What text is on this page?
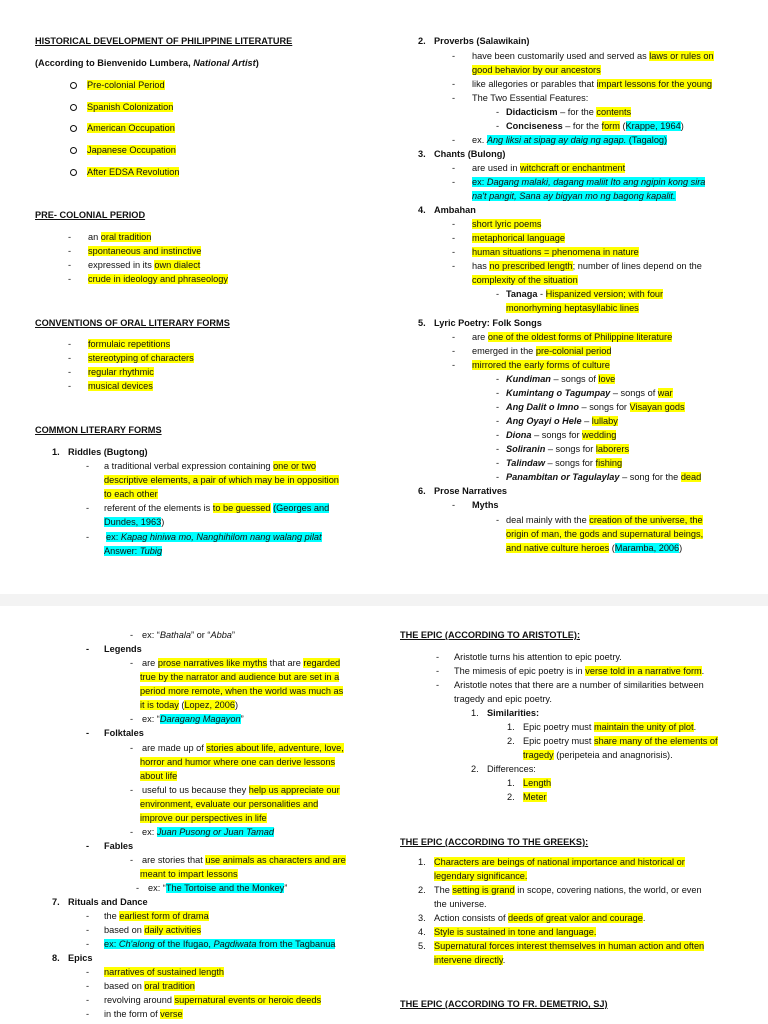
HISTORICAL DEVELOPMENT OF PHILIPPINE LITERATURE
(According to Bienvenido Lumbera, National Artist)
Pre-colonial Period
Spanish Colonization
American Occupation
Japanese Occupation
After EDSA Revolution
PRE- COLONIAL PERIOD
- an oral tradition
- spontaneous and instinctive
- expressed in its own dialect
- crude in ideology and phraseology
CONVENTIONS OF ORAL LITERARY FORMS
- formulaic repetitions
- stereotyping of characters
- regular rhythmic
- musical devices
COMMON LITERARY FORMS
1. Riddles (Bugtong)
- a traditional verbal expression containing one or two
descriptive elements, a pair of which may be in opposition
to each other
- referent of the elements is to be guessed (Georges and
Dundes, 1963)
- ex: Kapag hiniwa mo, Nanghihilom nang walang pilat
Answer: Tubig
2. Proverbs (Salawikain)
- have been customarily used and served as laws or rules on
good behavior by our ancestors
- like allegories or parables that impart lessons for the young
- The Two Essential Features:
- Didacticism – for the contents
- Conciseness – for the form (Krappe, 1964)
- ex. Ang liksi at sipag ay daig ng agap. (Tagalog)
3. Chants (Bulong)
- are used in witchcraft or enchantment
- ex: Dagang malaki, dagang maliit Ito ang ngipin kong sira
na't pangit, Sana ay bigyan mo ng bagong kapalit.
4. Ambahan
- short lyric poems
- metaphorical language
- human situations = phenomena in nature
- has no prescribed length; number of lines depend on the
complexity of the situation
- Tanaga - Hispanized version; with four
monorhyming heptasyllabic lines
5. Lyric Poetry: Folk Songs
- are one of the oldest forms of Philippine literature
- emerged in the pre-colonial period
- mirrored the early forms of culture
- Kundiman – songs of love
- Kumintang o Tagumpay – songs of war
- Ang Dalit o Imno – songs for Visayan gods
- Ang Oyayi o Hele – lullaby
- Diona – songs for wedding
- Soliranin – songs for laborers
- Talindaw – songs for fishing
- Panambitan or Tagulaylay – song for the dead
6. Prose Narratives
- Myths
- deal mainly with the creation of the universe, the
origin of man, the gods and supernatural beings,
and native culture heroes (Maramba, 2006)
- ex: “Bathala” or “Abba”
- Legends
- are prose narratives like myths that are regarded
true by the narrator and audience but are set in a
period more remote, when the world was much as
it is today (Lopez, 2006)
- ex: “Daragang Magayon”
- Folktales
- are made up of stories about life, adventure, love,
horror and humor where one can derive lessons
about life
- useful to us because they help us appreciate our
environment, evaluate our personalities and
improve our perspectives in life
- ex: Juan Pusong or Juan Tamad
- Fables
- are stories that use animals as characters and are
meant to impart lessons
- ex: “The Tortoise and the Monkey”
7. Rituals and Dance
- the earliest form of drama
- based on daily activities
- ex: Ch'along of the Ifugao, Pagdiwata from the Tagbanua
8. Epics
- narratives of sustained length
- based on oral tradition
- revolving around supernatural events or heroic deeds
- in the form of verse
THE EPIC (ACCORDING TO ARISTOTLE):
- Aristotle turns his attention to epic poetry.
- The mimesis of epic poetry is in verse told in a narrative form.
- Aristotle notes that there are a number of similarities between
tragedy and epic poetry.
1. Similarities:
1. Epic poetry must maintain the unity of plot.
2. Epic poetry must share many of the elements of
tragedy (peripeteia and anagnorisis).
2. Differences:
1. Length
2. Meter
THE EPIC (ACCORDING TO THE GREEKS):
1. Characters are beings of national importance and historical or
legendary significance.
2. The setting is grand in scope, covering nations, the world, or even
the universe.
3. Action consists of deeds of great valor and courage.
4. Style is sustained in tone and language.
5. Supernatural forces interest themselves in human action and often
intervene directly.
THE EPIC (ACCORDING TO FR. DEMETRIO, SJ)
